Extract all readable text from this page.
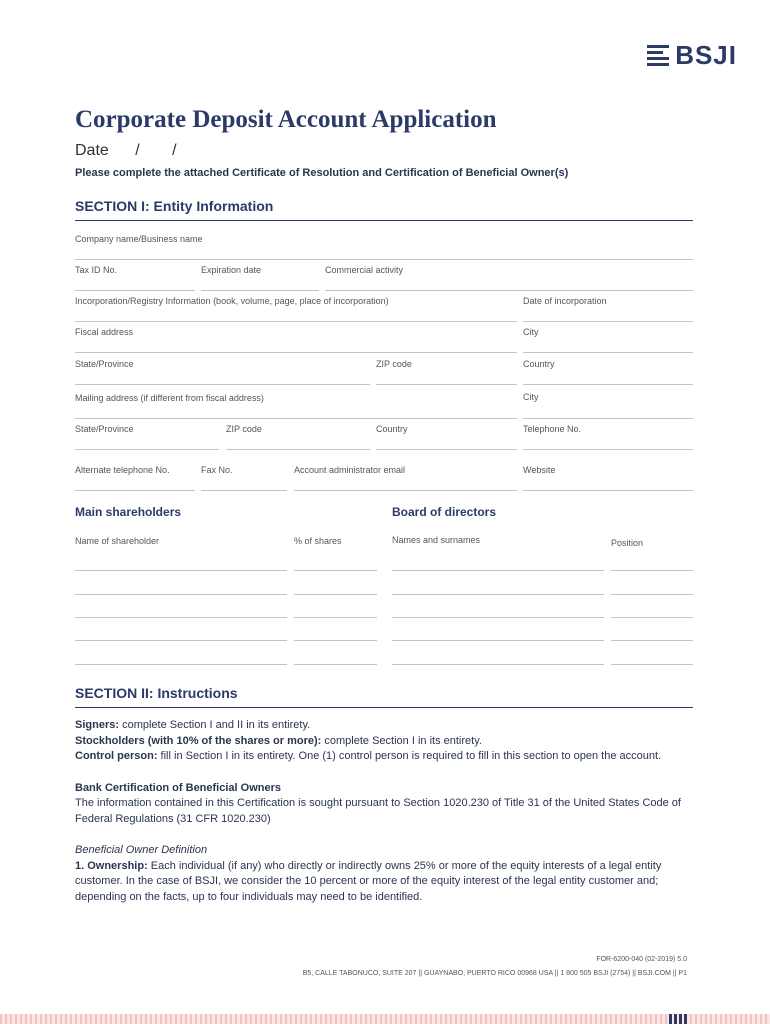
BSJI
Corporate Deposit Account Application
Date / /
Please complete the attached Certificate of Resolution and Certification of Beneficial Owner(s)
SECTION I: Entity Information
Company name/Business name
Tax ID No.	Expiration date	Commercial activity
Incorporation/Registry Information (book, volume, page, place of incorporation)	Date of incorporation
Fiscal address	City
State/Province	ZIP code	Country
Mailing address (if different from fiscal address)	City
State/Province	ZIP code	Country	Telephone No.
Alternate telephone No.	Fax No.	Account administrator email	Website
Main shareholders	Board of directors
Name of shareholder	% of shares	Names and surnames	Position
SECTION II: Instructions

Signers: complete Section I and II in its entirety.

Stockholders (with 10% of the shares or more): complete Section I in its entirety.

Control person: fill in Section I in its entirety. One (1) control person is required to fill in this section to open the account.

Bank Certification of Beneficial Owners

The information contained in this Certification is sought pursuant to Section 1020.230 of Title 31 of the United States Code of Federal Regulations (31 CFR 1020.230)

Beneficial Owner Definition

1. Ownership: Each individual (if any) who directly or indirectly owns 25% or more of the equity interests of a legal entity customer. In the case of BSJI, we consider the 10 percent or more of the equity interest of the legal entity customer and; depending on the facts, up to four individuals may need to be identified.

FOR-6200-040 (02-2019) 5.0
B5, CALLE TABONUCO, SUITE 207 || GUAYNABO, PUERTO RICO 00968 USA || 1 800 505 BSJI (2754) || BSJI.COM || P1
